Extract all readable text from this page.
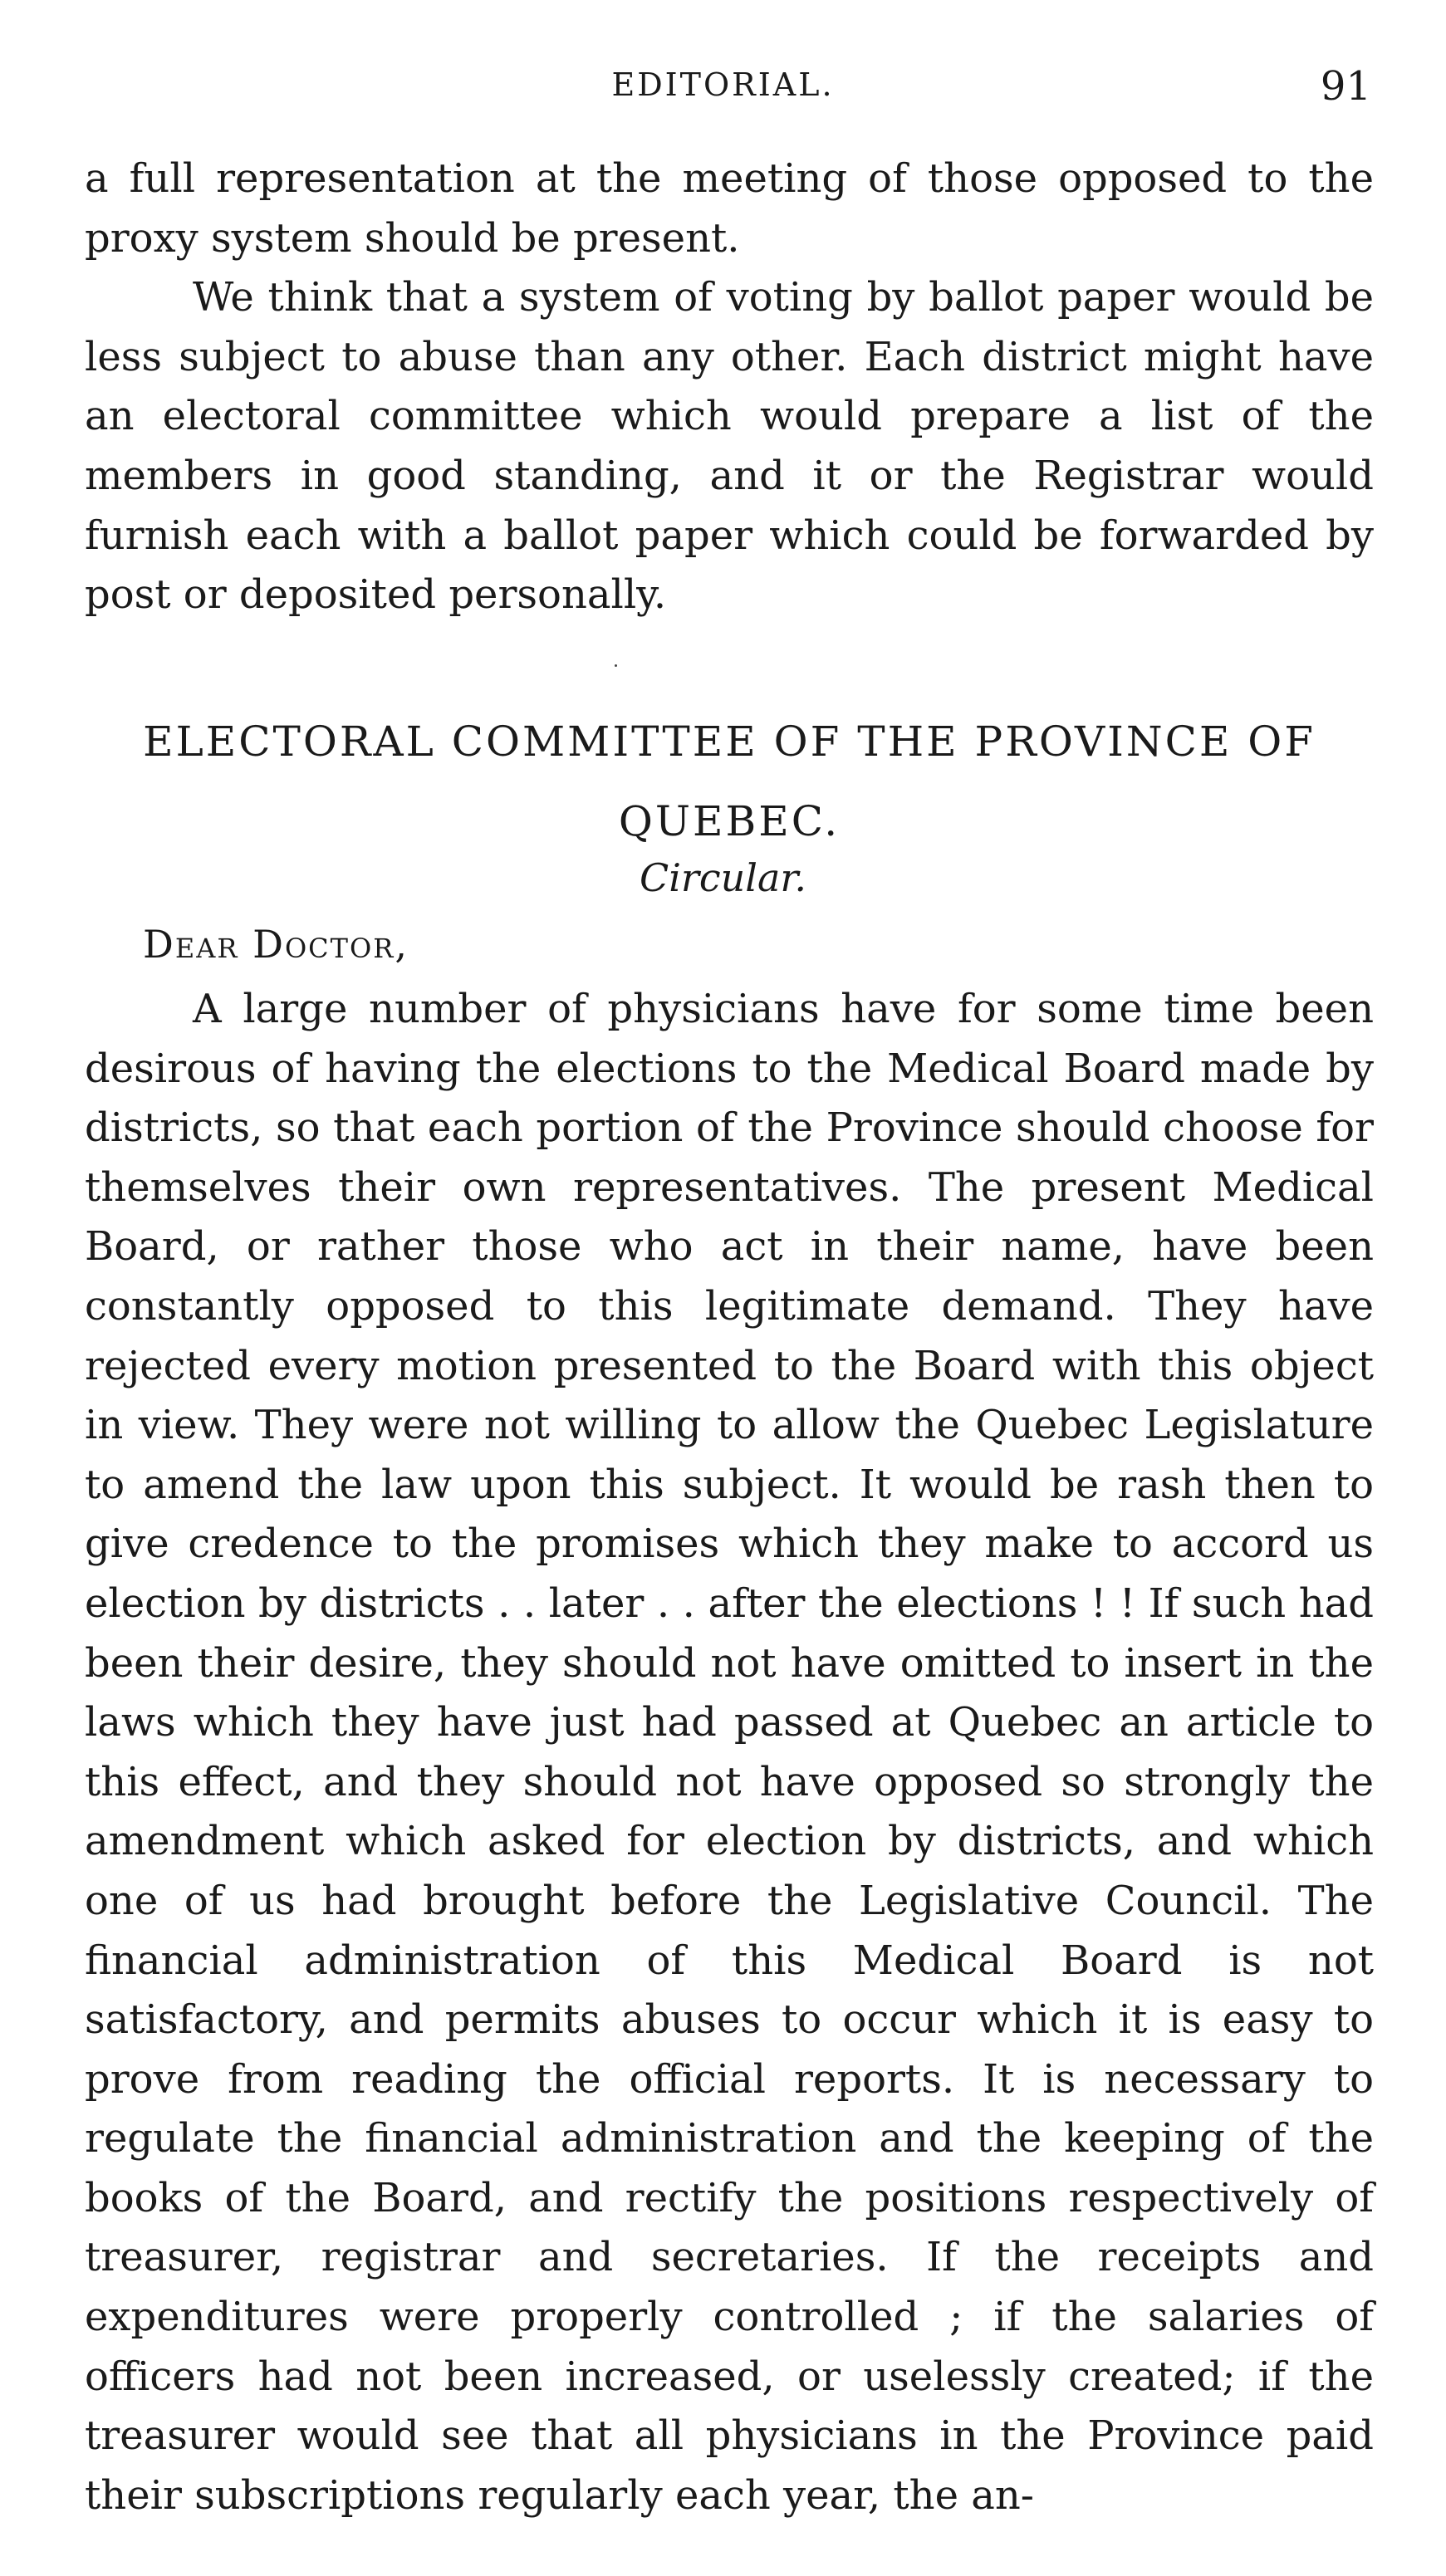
EDITORIAL.	91

a full representation at the meeting of those opposed to the proxy system should be present.

We think that a system of voting by ballot paper would be less subject to abuse than any other. Each district might have an electoral committee which would prepare a list of the members in good standing, and it or the Registrar would furnish each with a ballot paper which could be forwarded by post or deposited personally.

ELECTORAL COMMITTEE OF THE PROVINCE OF QUEBEC.
Circular.
Dear Doctor,

A large number of physicians have for some time been desirous of having the elections to the Medical Board made by districts, so that each portion of the Province should choose for themselves their own representatives. The present Medical Board, or rather those who act in their name, have been constantly opposed to this legitimate demand. They have rejected every motion presented to the Board with this object in view. They were not willing to allow the Quebec Legislature to amend the law upon this subject. It would be rash then to give credence to the promises which they make to accord us election by districts . . later . . after the elections ! ! If such had been their desire, they should not have omitted to insert in the laws which they have just had passed at Quebec an article to this effect, and they should not have opposed so strongly the amendment which asked for election by districts, and which one of us had brought before the Legislative Council. The financial administration of this Medical Board is not satisfactory, and permits abuses to occur which it is easy to prove from reading the official reports. It is necessary to regulate the financial administration and the keeping of the books of the Board, and rectify the positions respectively of treasurer, registrar and secretaries. If the receipts and expenditures were properly controlled ; if the salaries of officers had not been increased, or uselessly created; if the treasurer would see that all physicians in the Province paid their subscriptions regularly each year, the an-
